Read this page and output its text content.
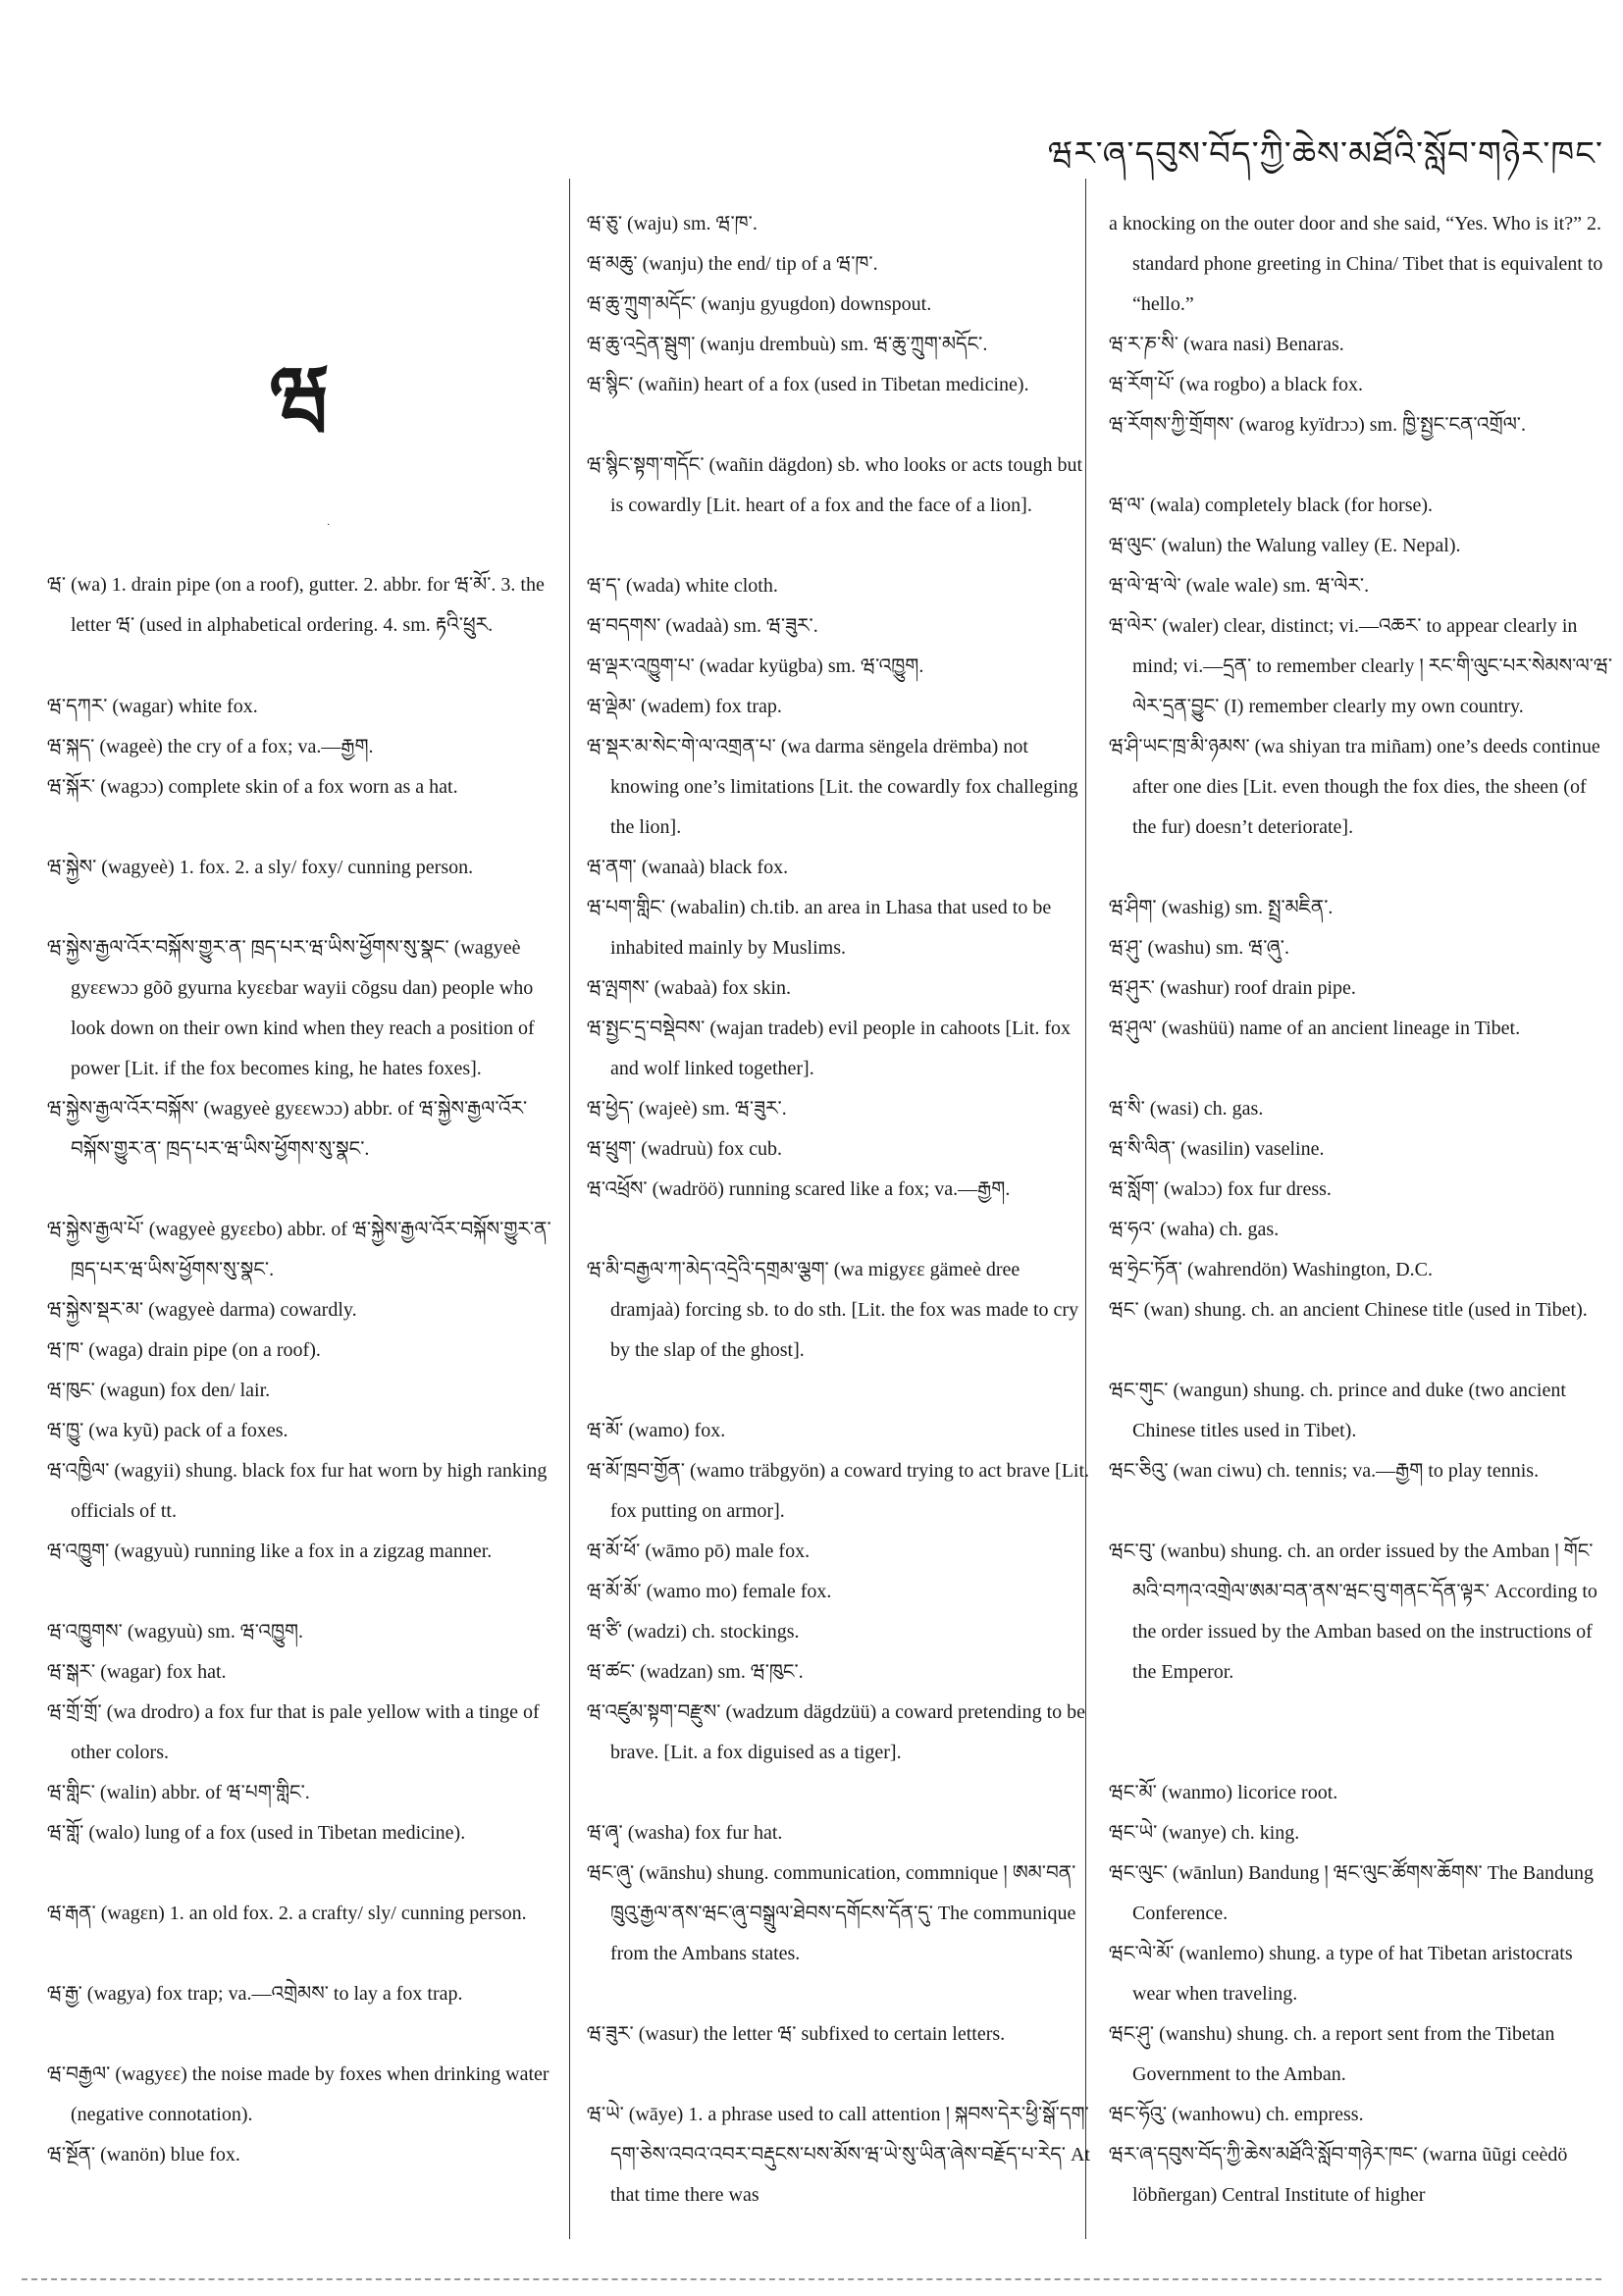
ཝར་ཞ་དབུས་བོད་ཀྱི་ཆེས་མཐོའི་སློབ་གཉེར་ཁང་
ཝ
·
ཝ་ (wa) 1. drain pipe (on a roof), gutter. 2. abbr. for ཝ་མོ་. 3. the letter ཝ་ (used in alphabetical ordering. 4. sm. རྟའི་ཕྲུར.
ཝ་དཀར་ (wagar) white fox.
ཝ་སྐད་ (wageè) the cry of a fox; va.—རྒྱག.
ཝ་སྐོར་ (wagɔɔ) complete skin of a fox worn as a hat.
ཝ་སྐྱེས་ (wagyeè) 1. fox. 2. a sly/ foxy/ cunning person.
ཝ་སྐྱེས་རྒྱལ་འོར་བསྐོས་གྱུར་ན་ ཁྲད་པར་ཝ་ཡིས་ཕྱོགས་སུ་སྣང་ (wagyeè gyɛɛwɔɔ gõõ gyurna kyɛɛbar wayii cõgsu dan) people who look down on their own kind when they reach a position of power [Lit. if the fox becomes king, he hates foxes].
ཝ་སྐྱེས་རྒྱལ་འོར་བསྐོས་ (wagyeè gyɛɛwɔɔ) abbr. of ཝ་སྐྱེས་རྒྱལ་འོར་བསྐོས་གྱུར་ན་ ཁྲད་པར་ཝ་ཡིས་ཕྱོགས་སུ་སྣང་.
ཝ་སྐྱེས་རྒྱལ་པོ་ (wagyeè gyɛɛbo) abbr. of ཝ་སྐྱེས་རྒྱལ་འོར་བསྐོས་གྱུར་ན་ ཁྲད་པར་ཝ་ཡིས་ཕྱོགས་སུ་སྣང་.
ཝ་སྐྱེས་སྡར་མ་ (wagyeè darma) cowardly.
ཝ་ཁ་ (waga) drain pipe (on a roof).
ཝ་ཁུང་ (wagun) fox den/ lair.
ཝ་ཁྱུ་ (wa kyũ) pack of a foxes.
ཝ་འཁྱིལ་ (wagyii) shung. black fox fur hat worn by high ranking officials of tt.
ཝ་འཁྱུག་ (wagyuù) running like a fox in a zigzag manner.
ཝ་འཁྱུགས་ (wagyuù) sm. ཝ་འཁྱུག.
ཝ་སྒར་ (wagar) fox hat.
ཝ་གྲོ་གྲོ་ (wa drodro) a fox fur that is pale yellow with a tinge of other colors.
ཝ་གླིང་ (walin) abbr. of ཝ་པག་གླིང་.
ཝ་གློ་ (walo) lung of a fox (used in Tibetan medicine).
ཝ་རྒན་ (wagɛn) 1. an old fox. 2. a crafty/ sly/ cunning person.
ཝ་རྒྱ་ (wagya) fox trap; va.—འགྲེམས་ to lay a fox trap.
ཝ་བརྒྱལ་ (wagyɛɛ) the noise made by foxes when drinking water (negative connotation).
ཝ་སྔོན་ (wanön) blue fox.
ཝ་ཅུ་ (waju) sm. ཝ་ཁ་.
ཝ་མཆུ་ (wanju) the end/ tip of a ཝ་ཁ་.
ཝ་ཆུ་ཀྲུག་མདོང་ (wanju gyugdon) downspout.
ཝ་ཆུ་འདྲེན་སྦུག་ (wanju drembuù) sm. ཝ་ཆུ་ཀྲུག་མདོང་.
ཝ་སྙིང་ (wañin) heart of a fox (used in Tibetan medicine).
ཝ་སྙིང་སྟག་གདོང་ (wañin dägdon) sb. who looks or acts tough but is cowardly [Lit. heart of a fox and the face of a lion].
ཝ་ད་ (wada) white cloth.
ཝ་བདགས་ (wadaà) sm. ཝ་ཟུར་.
ཝ་ལྡར་འཁྱུག་པ་ (wadar kyügba) sm. ཝ་འཁྱུག.
ཝ་ལྡེམ་ (wadem) fox trap.
ཝ་སྡར་མ་སེང་གེ་ལ་འགྲན་པ་ (wa darma sëngela drëmba) not knowing one’s limitations [Lit. the cowardly fox challeging the lion].
ཝ་ནག་ (wanaà) black fox.
ཝ་པག་གླིང་ (wabalin) ch.tib. an area in Lhasa that used to be inhabited mainly by Muslims.
ཝ་ལྤགས་ (wabaà) fox skin.
ཝ་སྤྱང་དྲ་བསྡེབས་ (wajan tradeb) evil people in cahoots [Lit. fox and wolf linked together].
ཝ་ཕྱེད་ (wajeè) sm. ཝ་ཟུར་.
ཝ་ཕྲུག་ (wadruù) fox cub.
ཝ་འཕྲོས་ (wadröö) running scared like a fox; va.—རྒྱག.
ཝ་མི་བརྒྱལ་ཀ་མེད་འདྲེའི་དགྲམ་ལྕག་ (wa migyɛɛ gämeè dree dramjaà) forcing sb. to do sth. [Lit. the fox was made to cry by the slap of the ghost].
ཝ་མོ་ (wamo) fox.
ཝ་མོ་ཁྲབ་གྱོན་ (wamo träbgyön) a coward trying to act brave [Lit. fox putting on armor].
ཝ་མོ་ཕོ་ (wāmo pō) male fox.
ཝ་མོ་མོ་ (wamo mo) female fox.
ཝ་ཙི་ (wadzi) ch. stockings.
ཝ་ཚང་ (wadzan) sm. ཝ་ཁུང་.
ཝ་འཛུམ་སྟག་བརྫུས་ (wadzum dägdzüü) a coward pretending to be brave. [Lit. a fox diguised as a tiger].
ཝ་ཞྭ་ (washa) fox fur hat.
ཝང་ཞུ་ (wānshu) shung. communication, commnique ། ཨམ་བན་ཁྲུའུ་རྒྱལ་ནས་ཝང་ཞུ་བསྒྲུལ་ཐེབས་དགོངས་དོན་དུ་ The communique from the Ambans states.
ཝ་ཟུར་ (wasur) the letter ཝ་ subfixed to certain letters.
ཝ་ཡེ་ (wāye) 1. a phrase used to call attention ། སྐབས་དེར་ཕྱི་སྒོ་དག་དག་ཅེས་འབའ་འབར་བརྡུངས་པས་མོས་ཝ་ཡེ་སུ་ཡིན་ཞེས་བརྗོད་པ་རེད་ At that time there was
a knocking on the outer door and she said, “Yes. Who is it?” 2. standard phone greeting in China/ Tibet that is equivalent to “hello.”
ཝ་ར་ཎ་སི་ (wara nasi) Benaras.
ཝ་རོག་པོ་ (wa rogbo) a black fox.
ཝ་རོགས་ཀྱི་གྲོགས་ (warog kyïdrɔɔ) sm. ཁྱི་སྤྱང་ངན་འགྲོལ་.
ཝ་ལ་ (wala) completely black (for horse).
ཝ་ལུང་ (walun) the Walung valley (E. Nepal).
ཝ་ལེ་ཝ་ལེ་ (wale wale) sm. ཝ་ལེར་.
ཝ་ལེར་ (waler) clear, distinct; vi.—འཆར་ to appear clearly in mind; vi.—དྲན་ to remember clearly ། རང་གི་ལུང་པར་སེམས་ལ་ཝ་ལེར་དྲན་བྱུང་ (I) remember clearly my own country.
ཝ་ཤི་ཡང་ཁྲ་མི་ཉམས་ (wa shiyan tra miñam) one’s deeds continue after one dies [Lit. even though the fox dies, the sheen (of the fur) doesn’t deteriorate].
ཝ་ཤིག་ (washig) sm. སྤྲ་མཇིན་.
ཝ་ཤུ་ (washu) sm. ཝ་ཞུ་.
ཝ་ཤུར་ (washur) roof drain pipe.
ཝ་ཤུལ་ (washüü) name of an ancient lineage in Tibet.
ཝ་སི་ (wasi) ch. gas.
ཝ་སི་ལིན་ (wasilin) vaseline.
ཝ་སློག་ (walɔɔ) fox fur dress.
ཝ་ཧའ་ (waha) ch. gas.
ཝ་ཧྲེང་ཏོན་ (wahrendön) Washington, D.C.
ཝང་ (wan) shung. ch. an ancient Chinese title (used in Tibet).
ཝང་གུང་ (wangun) shung. ch. prince and duke (two ancient Chinese titles used in Tibet).
ཝང་ཅིའུ་ (wan ciwu) ch. tennis; va.—རྒྱག to play tennis.
ཝང་བུ་ (wanbu) shung. ch. an order issued by the Amban ། གོང་མའི་བཀའ་འགྲེལ་ཨམ་བན་ནས་ཝང་བུ་གནང་དོན་ལྟར་ According to the order issued by the Amban based on the instructions of the Emperor.
ཝང་མོ་ (wanmo) licorice root.
ཝང་ཡེ་ (wanye) ch. king.
ཝང་ལུང་ (wānlun) Bandung ། ཝང་ལུང་ཚོགས་ཆོགས་ The Bandung Conference.
ཝང་ལེ་མོ་ (wanlemo) shung. a type of hat Tibetan aristocrats wear when traveling.
ཝང་ཤུ་ (wanshu) shung. ch. a report sent from the Tibetan Government to the Amban.
ཝང་ཧོའུ་ (wanhowu) ch. empress.
ཝར་ཞ་དབུས་བོད་ཀྱི་ཆེས་མཐོའི་སློབ་གཉེར་ཁང་ (warna ũũgi ceèdö löbñergan) Central Institute of higher
